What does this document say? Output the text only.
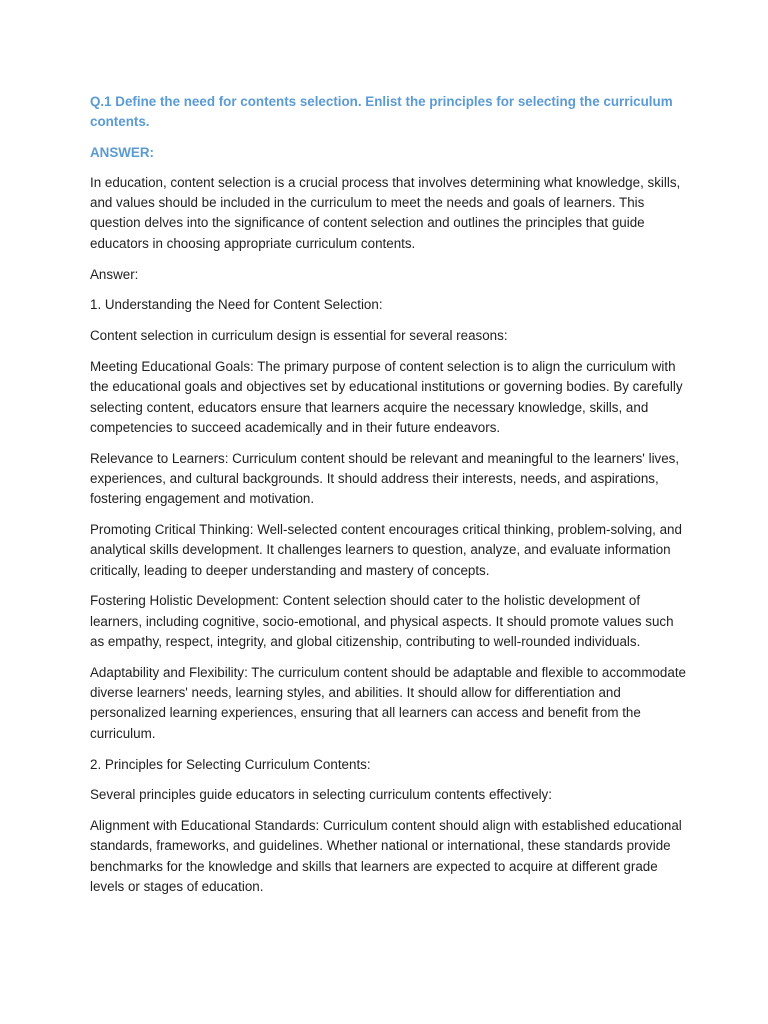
Q.1 Define the need for contents selection. Enlist the principles for selecting the curriculum contents.
ANSWER:

In education, content selection is a crucial process that involves determining what knowledge, skills, and values should be included in the curriculum to meet the needs and goals of learners. This question delves into the significance of content selection and outlines the principles that guide educators in choosing appropriate curriculum contents.

Answer:

1. Understanding the Need for Content Selection:

Content selection in curriculum design is essential for several reasons:

Meeting Educational Goals: The primary purpose of content selection is to align the curriculum with the educational goals and objectives set by educational institutions or governing bodies. By carefully selecting content, educators ensure that learners acquire the necessary knowledge, skills, and competencies to succeed academically and in their future endeavors.

Relevance to Learners: Curriculum content should be relevant and meaningful to the learners' lives, experiences, and cultural backgrounds. It should address their interests, needs, and aspirations, fostering engagement and motivation.

Promoting Critical Thinking: Well-selected content encourages critical thinking, problem-solving, and analytical skills development. It challenges learners to question, analyze, and evaluate information critically, leading to deeper understanding and mastery of concepts.

Fostering Holistic Development: Content selection should cater to the holistic development of learners, including cognitive, socio-emotional, and physical aspects. It should promote values such as empathy, respect, integrity, and global citizenship, contributing to well-rounded individuals.

Adaptability and Flexibility: The curriculum content should be adaptable and flexible to accommodate diverse learners' needs, learning styles, and abilities. It should allow for differentiation and personalized learning experiences, ensuring that all learners can access and benefit from the curriculum.

2. Principles for Selecting Curriculum Contents:

Several principles guide educators in selecting curriculum contents effectively:

Alignment with Educational Standards: Curriculum content should align with established educational standards, frameworks, and guidelines. Whether national or international, these standards provide benchmarks for the knowledge and skills that learners are expected to acquire at different grade levels or stages of education.
